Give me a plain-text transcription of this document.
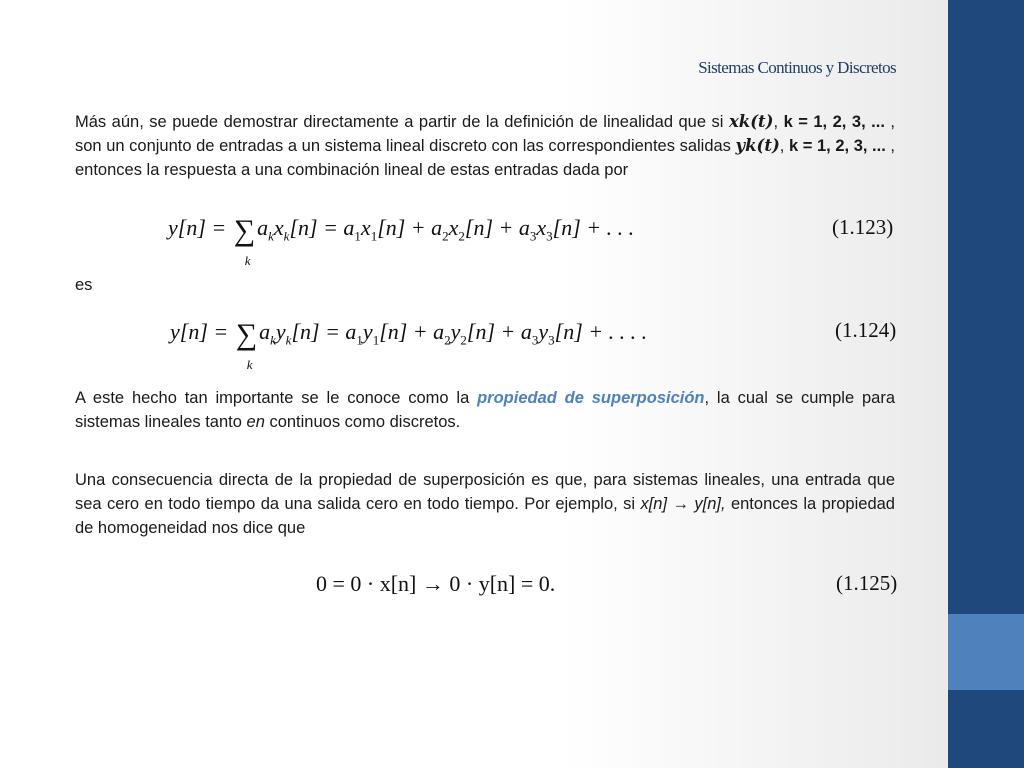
Sistemas Continuos y Discretos

Más aún, se puede demostrar directamente a partir de la definición de linealidad que si 𝒙𝒌(𝒕), k = 1, 2, 3, ... , son un conjunto de entradas a un sistema lineal discreto con las correspondientes salidas 𝒚𝒌(𝒕), k = 1, 2, 3, ... , entonces la respuesta a una combinación lineal de estas entradas dada por

y[n] = ∑
k
$a_kx_k[n] = a_1x_1[n] + a_2x_2[n] + a_3x_3[n]$ + . . .	(1.123)

es

y[n] = ∑
k
$a_ky_k[n] = a_1y_1[n] + a_2y_2[n] + a_3y_3[n]$ + . . . .	(1.124)

A este hecho tan importante se le conoce como la propiedad de superposición, la cual se cumple para sistemas lineales tanto en continuos como discretos.

Una consecuencia directa de la propiedad de superposición es que, para sistemas lineales, una entrada que sea cero en todo tiempo da una salida cero en todo tiempo. Por ejemplo, si x[n] → y[n], entonces la propiedad de homogeneidad nos dice que

0 = 0 · x[n] → 0 · y[n] = 0.	(1.125)
